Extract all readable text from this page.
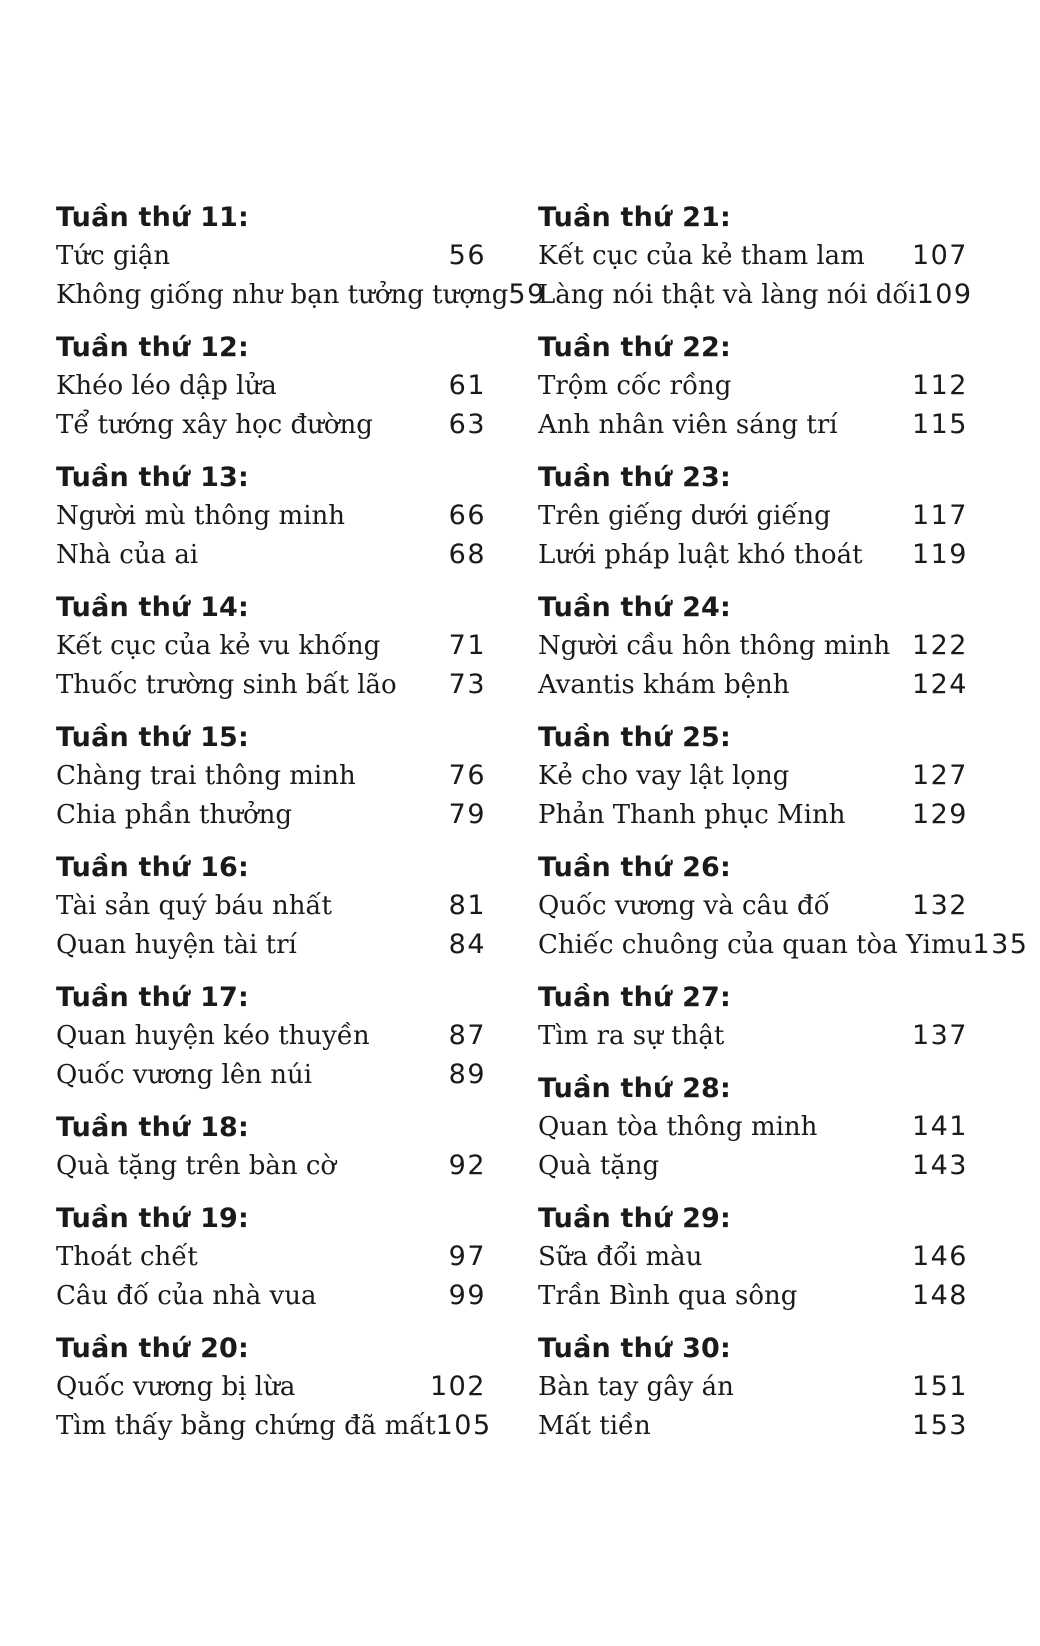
Tuần thứ 11:
Tức giận	56
Không giống như bạn tưởng tượng 59
Tuần thứ 12:
Khéo léo dập lửa	61
Tể tướng xây học đường	63
Tuần thứ 13:
Người mù thông minh	66
Nhà của ai	68
Tuần thứ 14:
Kết cục của kẻ vu khống	71
Thuốc trường sinh bất lão 73
Tuần thứ 15:
Chàng trai thông minh	76
Chia phần thưởng	79
Tuần thứ 16:
Tài sản quý báu nhất	81
Quan huyện tài trí	84
Tuần thứ 17:
Quan huyện kéo thuyền	87
Quốc vương lên núi	89
Tuần thứ 18:
Quà tặng trên bàn cờ	92
Tuần thứ 19:
Thoát chết	97
Câu đố của nhà vua	99
Tuần thứ 20:
Quốc vương bị lừa	102
Tìm thấy bằng chứng đã mất 105
Tuần thứ 21:
Kết cục của kẻ tham lam 107
Làng nói thật và làng nói dối 109
Tuần thứ 22:
Trộm cốc rồng	112
Anh nhân viên sáng trí	115
Tuần thứ 23:
Trên giếng dưới giếng	117
Lưới pháp luật khó thoát 119
Tuần thứ 24:
Người cầu hôn thông minh 122
Avantis khám bệnh	124
Tuần thứ 25:
Kẻ cho vay lật lọng	127
Phản Thanh phục Minh 129
Tuần thứ 26:
Quốc vương và câu đố	132
Chiếc chuông của quan tòa Yimu 135
Tuần thứ 27:
Tìm ra sự thật	137
Tuần thứ 28:
Quan tòa thông minh	141
Quà tặng	143
Tuần thứ 29:
Sữa đổi màu	146
Trần Bình qua sông	148
Tuần thứ 30:
Bàn tay gây án	151
Mất tiền	153
